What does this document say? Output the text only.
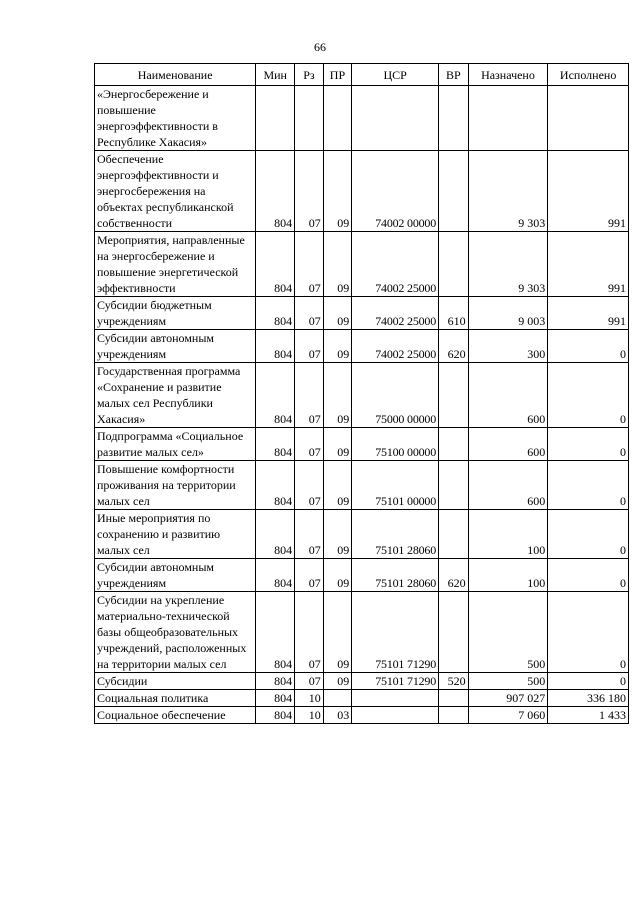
66
Наименование	Мин	Рз	ПР	ЦСР	ВР	Назначено	Исполнено
«Энергосбережение и повышение энергоэффективности в Республике Хакасия»							
Обеспечение энергоэффективности и энергосбережения на объектах республиканской собственности	804	07	09	74002 00000		9 303	991
Мероприятия, направленные на энергосбережение и повышение энергетической эффективности	804	07	09	74002 25000		9 303	991
Субсидии бюджетным учреждениям	804	07	09	74002 25000	610	9 003	991
Субсидии автономным учреждениям	804	07	09	74002 25000	620	300	0
Государственная программа «Сохранение и развитие малых сел Республики Хакасия»	804	07	09	75000 00000		600	0
Подпрограмма «Социальное развитие малых сел»	804	07	09	75100 00000		600	0
Повышение комфортности проживания на территории малых сел	804	07	09	75101 00000		600	0
Иные мероприятия по сохранению и развитию малых сел	804	07	09	75101 28060		100	0
Субсидии автономным учреждениям	804	07	09	75101 28060	620	100	0
Субсидии на укрепление материально-технической базы общеобразовательных учреждений, расположенных на территории малых сел	804	07	09	75101 71290		500	0
Субсидии	804	07	09	75101 71290	520	500	0
Социальная политика	804	10				907 027	336 180
Социальное обеспечение	804	10	03			7 060	1 433
